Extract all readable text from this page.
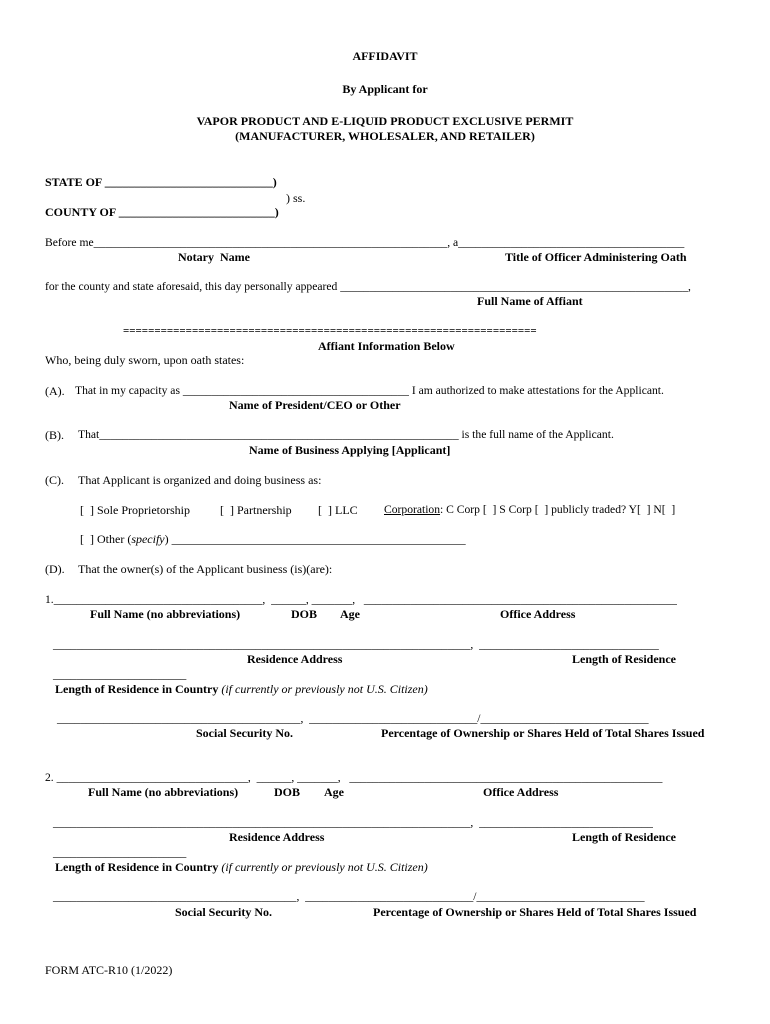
AFFIDAVIT
By Applicant for
VAPOR PRODUCT AND E-LIQUID PRODUCT EXCLUSIVE PERMIT
(MANUFACTURER, WHOLESALER, AND RETAILER)
STATE OF ____________________________)
) ss.
COUNTY OF __________________________)
Before me_____________________________________________________________, a_______________________________________
Notary  Name	Title of Officer Administering Oath
for the county and state aforesaid, this day personally appeared ____________________________________________________________,
Full Name of Affiant
==================================================================
Affiant Information Below
Who, being duly sworn, upon oath states:
(A). That in my capacity as _______________________________________ I am authorized to make attestations for the Applicant.
Name of President/CEO or Other
(B). That______________________________________________________________ is the full name of the Applicant.
Name of Business Applying [Applicant]
(C). That Applicant is organized and doing business as:
[  ] Sole Proprietorship	[  ] Partnership [  ] LLC Corporation: C Corp [  ] S Corp [  ] publicly traded? Y[  ] N[  ]
[  ] Other (specify) _________________________________________________
(D). That the owner(s) of the Applicant business (is)(are):
1.____________________________________,  ______, _______,   ______________________________________________________
Full Name (no abbreviations)	DOB Age	Office Address
________________________________________________________________________,  _______________________________
Residence Address	Length of Residence
_______________________
Length of Residence in Country (if currently or previously not U.S. Citizen)
__________________________________________,  _____________________________/_____________________________
Social Security No.	Percentage of Ownership or Shares Held of Total Shares Issued
2. _________________________________,  ______, _______,   ______________________________________________________
Full Name (no abbreviations)	DOB Age	Office Address
________________________________________________________________________,  ______________________________
Residence Address	Length of Residence
_______________________
Length of Residence in Country (if currently or previously not U.S. Citizen)
__________________________________________,  _____________________________/_____________________________
Social Security No.	Percentage of Ownership or Shares Held of Total Shares Issued
FORM ATC-R10 (1/2022)
